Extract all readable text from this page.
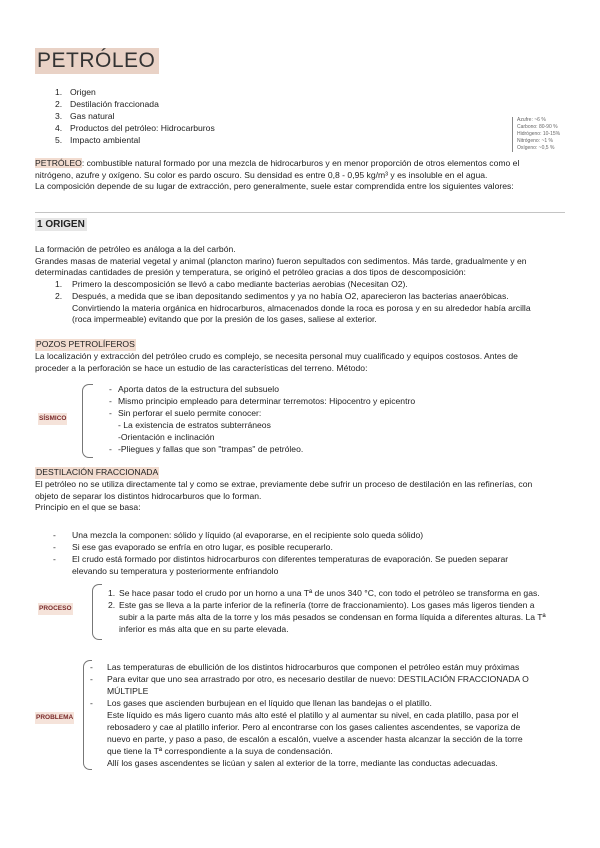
PETRÓLEO
1. Origen
2. Destilación fraccionada
3. Gas natural
4. Productos del petróleo: Hidrocarburos
5. Impacto ambiental
Azufre: ~6 %
Carbono: 80-90 %
Hidrógeno: 10-15%
Nitrógeno: ~1 %
Oxígeno: ~0,5 %
PETRÓLEO: combustible natural formado por una mezcla de hidrocarburos y en menor proporción de otros elementos como el
nitrógeno, azufre y oxígeno. Su color es pardo oscuro. Su densidad es entre 0,8 - 0,95 kg/m³ y es insoluble en el agua.
La composición depende de su lugar de extracción, pero generalmente, suele estar comprendida entre los siguientes valores:
1 ORIGEN
La formación de petróleo es análoga a la del carbón.
Grandes masas de material vegetal y animal (plancton marino) fueron sepultados con sedimentos. Más tarde, gradualmente y en
determinadas cantidades de presión y temperatura, se originó el petróleo gracias a dos tipos de descomposición:
1. Primero la descomposición se llevó a cabo mediante bacterias aerobias (Necesitan O2).
2. Después, a medida que se iban depositando sedimentos y ya no había O2, aparecieron las bacterias anaeróbicas.
Convirtiendo la materia orgánica en hidrocarburos, almacenados donde la roca es porosa y en su alrededor había arcilla
(roca impermeable) evitando que por la presión de los gases, saliese al exterior.
POZOS PETROLÍFEROS
La localización y extracción del petróleo crudo es complejo, se necesita personal muy cualificado y equipos costosos. Antes de
proceder a la perforación se hace un estudio de las características del terreno. Método:
SÍSMICO
- Aporta datos de la estructura del subsuelo
- Mismo principio empleado para determinar terremotos: Hipocentro y epicentro
- Sin perforar el suelo permite conocer:
- La existencia de estratos subterráneos
-Orientación e inclinación
- -Pliegues y fallas que son "trampas" de petróleo.
DESTILACIÓN FRACCIONADA
El petróleo no se utiliza directamente tal y como se extrae, previamente debe sufrir un proceso de destilación en las refinerías, con
objeto de separar los distintos hidrocarburos que lo forman.
Principio en el que se basa:
- Una mezcla la componen: sólido y líquido (al evaporarse, en el recipiente solo queda sólido)
- Si ese gas evaporado se enfría en otro lugar, es posible recuperarlo.
- El crudo está formado por distintos hidrocarburos con diferentes temperaturas de evaporación. Se pueden separar
elevando su temperatura y posteriormente enfriandolo
PROCESO
1. Se hace pasar todo el crudo por un horno a una Tª de unos 340 °C, con todo el petróleo se transforma en gas.
2. Este gas se lleva a la parte inferior de la refinería (torre de fraccionamiento). Los gases más ligeros tienden a
subir a la parte más alta de la torre y los más pesados se condensan en forma líquida a diferentes alturas. La Tª
inferior es más alta que en su parte elevada.
PROBLEMA
- Las temperaturas de ebullición de los distintos hidrocarburos que componen el petróleo están muy próximas
- Para evitar que uno sea arrastrado por otro, es necesario destilar de nuevo: DESTILACIÓN FRACCIONADA O
MÚLTIPLE
- Los gases que ascienden burbujean en el líquido que llenan las bandejas o el platillo.
Este líquido es más ligero cuanto más alto esté el platillo y al aumentar su nivel, en cada platillo, pasa por el
rebosadero y cae al platillo inferior. Pero al encontrarse con los gases calientes ascendentes, se vaporiza de
nuevo en parte, y paso a paso, de escalón a escalón, vuelve a ascender hasta alcanzar la sección de la torre
que tiene la Tª correspondiente a la suya de condensación.
Allí los gases ascendentes se licúan y salen al exterior de la torre, mediante las conductas adecuadas.
